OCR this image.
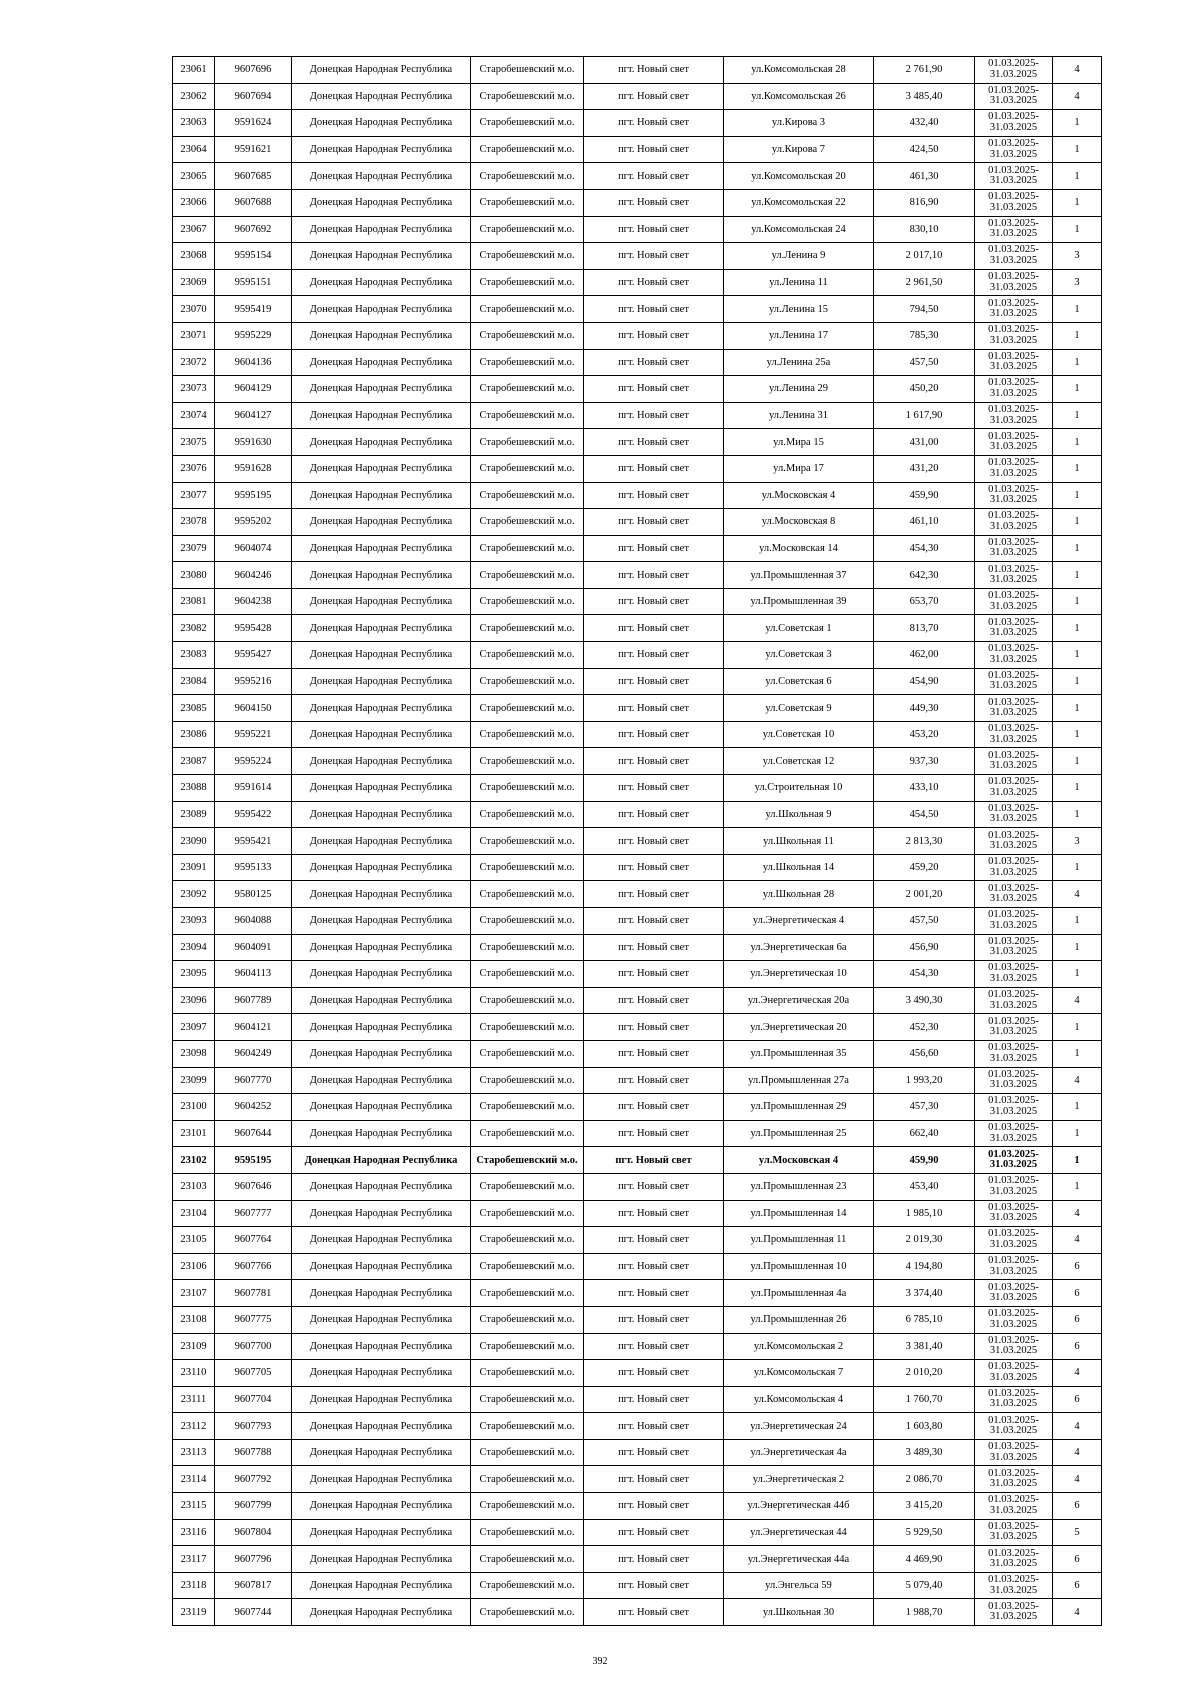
23061	9607696	Донецкая Народная Республика	Старобешевский м.о.	пгт. Новый свет	ул.Комсомольская 28	2 761,90	01.03.2025-
31.03.2025	4
23062	9607694	Донецкая Народная Республика	Старобешевский м.о.	пгт. Новый свет	ул.Комсомольская 26	3 485,40	01.03.2025-
31.03.2025	4
23063	9591624	Донецкая Народная Республика	Старобешевский м.о.	пгт. Новый свет	ул.Кирова 3	432,40	01.03.2025-
31.03.2025	1
23064	9591621	Донецкая Народная Республика	Старобешевский м.о.	пгт. Новый свет	ул.Кирова 7	424,50	01.03.2025-
31.03.2025	1
23065	9607685	Донецкая Народная Республика	Старобешевский м.о.	пгт. Новый свет	ул.Комсомольская 20	461,30	01.03.2025-
31.03.2025	1
23066	9607688	Донецкая Народная Республика	Старобешевский м.о.	пгт. Новый свет	ул.Комсомольская 22	816,90	01.03.2025-
31.03.2025	1
23067	9607692	Донецкая Народная Республика	Старобешевский м.о.	пгт. Новый свет	ул.Комсомольская 24	830,10	01.03.2025-
31.03.2025	1
23068	9595154	Донецкая Народная Республика	Старобешевский м.о.	пгт. Новый свет	ул.Ленина 9	2 017,10	01.03.2025-
31.03.2025	3
23069	9595151	Донецкая Народная Республика	Старобешевский м.о.	пгт. Новый свет	ул.Ленина 11	2 961,50	01.03.2025-
31.03.2025	3
23070	9595419	Донецкая Народная Республика	Старобешевский м.о.	пгт. Новый свет	ул.Ленина 15	794,50	01.03.2025-
31.03.2025	1
23071	9595229	Донецкая Народная Республика	Старобешевский м.о.	пгт. Новый свет	ул.Ленина 17	785,30	01.03.2025-
31.03.2025	1
23072	9604136	Донецкая Народная Республика	Старобешевский м.о.	пгт. Новый свет	ул.Ленина 25а	457,50	01.03.2025-
31.03.2025	1
23073	9604129	Донецкая Народная Республика	Старобешевский м.о.	пгт. Новый свет	ул.Ленина 29	450,20	01.03.2025-
31.03.2025	1
23074	9604127	Донецкая Народная Республика	Старобешевский м.о.	пгт. Новый свет	ул.Ленина 31	1 617,90	01.03.2025-
31.03.2025	1
23075	9591630	Донецкая Народная Республика	Старобешевский м.о.	пгт. Новый свет	ул.Мира 15	431,00	01.03.2025-
31.03.2025	1
23076	9591628	Донецкая Народная Республика	Старобешевский м.о.	пгт. Новый свет	ул.Мира 17	431,20	01.03.2025-
31.03.2025	1
23077	9595195	Донецкая Народная Республика	Старобешевский м.о.	пгт. Новый свет	ул.Московская 4	459,90	01.03.2025-
31.03.2025	1
23078	9595202	Донецкая Народная Республика	Старобешевский м.о.	пгт. Новый свет	ул.Московская 8	461,10	01.03.2025-
31.03.2025	1
23079	9604074	Донецкая Народная Республика	Старобешевский м.о.	пгт. Новый свет	ул.Московская 14	454,30	01.03.2025-
31.03.2025	1
23080	9604246	Донецкая Народная Республика	Старобешевский м.о.	пгт. Новый свет	ул.Промышленная 37	642,30	01.03.2025-
31.03.2025	1
23081	9604238	Донецкая Народная Республика	Старобешевский м.о.	пгт. Новый свет	ул.Промышленная 39	653,70	01.03.2025-
31.03.2025	1
23082	9595428	Донецкая Народная Республика	Старобешевский м.о.	пгт. Новый свет	ул.Советская 1	813,70	01.03.2025-
31.03.2025	1
23083	9595427	Донецкая Народная Республика	Старобешевский м.о.	пгт. Новый свет	ул.Советская 3	462,00	01.03.2025-
31.03.2025	1
23084	9595216	Донецкая Народная Республика	Старобешевский м.о.	пгт. Новый свет	ул.Советская 6	454,90	01.03.2025-
31.03.2025	1
23085	9604150	Донецкая Народная Республика	Старобешевский м.о.	пгт. Новый свет	ул.Советская 9	449,30	01.03.2025-
31.03.2025	1
23086	9595221	Донецкая Народная Республика	Старобешевский м.о.	пгт. Новый свет	ул.Советская 10	453,20	01.03.2025-
31.03.2025	1
23087	9595224	Донецкая Народная Республика	Старобешевский м.о.	пгт. Новый свет	ул.Советская 12	937,30	01.03.2025-
31.03.2025	1
23088	9591614	Донецкая Народная Республика	Старобешевский м.о.	пгт. Новый свет	ул.Строительная 10	433,10	01.03.2025-
31.03.2025	1
23089	9595422	Донецкая Народная Республика	Старобешевский м.о.	пгт. Новый свет	ул.Школьная 9	454,50	01.03.2025-
31.03.2025	1
23090	9595421	Донецкая Народная Республика	Старобешевский м.о.	пгт. Новый свет	ул.Школьная 11	2 813,30	01.03.2025-
31.03.2025	3
23091	9595133	Донецкая Народная Республика	Старобешевский м.о.	пгт. Новый свет	ул.Школьная 14	459,20	01.03.2025-
31.03.2025	1
23092	9580125	Донецкая Народная Республика	Старобешевский м.о.	пгт. Новый свет	ул.Школьная 28	2 001,20	01.03.2025-
31.03.2025	4
23093	9604088	Донецкая Народная Республика	Старобешевский м.о.	пгт. Новый свет	ул.Энергетическая 4	457,50	01.03.2025-
31.03.2025	1
23094	9604091	Донецкая Народная Республика	Старобешевский м.о.	пгт. Новый свет	ул.Энергетическая 6а	456,90	01.03.2025-
31.03.2025	1
23095	9604113	Донецкая Народная Республика	Старобешевский м.о.	пгт. Новый свет	ул.Энергетическая 10	454,30	01.03.2025-
31.03.2025	1
23096	9607789	Донецкая Народная Республика	Старобешевский м.о.	пгт. Новый свет	ул.Энергетическая 20а	3 490,30	01.03.2025-
31.03.2025	4
23097	9604121	Донецкая Народная Республика	Старобешевский м.о.	пгт. Новый свет	ул.Энергетическая 20	452,30	01.03.2025-
31.03.2025	1
23098	9604249	Донецкая Народная Республика	Старобешевский м.о.	пгт. Новый свет	ул.Промышленная 35	456,60	01.03.2025-
31.03.2025	1
23099	9607770	Донецкая Народная Республика	Старобешевский м.о.	пгт. Новый свет	ул.Промышленная 27а	1 993,20	01.03.2025-
31.03.2025	4
23100	9604252	Донецкая Народная Республика	Старобешевский м.о.	пгт. Новый свет	ул.Промышленная 29	457,30	01.03.2025-
31.03.2025	1
23101	9607644	Донецкая Народная Республика	Старобешевский м.о.	пгт. Новый свет	ул.Промышленная 25	662,40	01.03.2025-
31.03.2025	1
23102	9595195	Донецкая Народная Республика	Старобешевский м.о.	пгт. Новый свет	ул.Московская 4	459,90	01.03.2025-
31.03.2025	1
23103	9607646	Донецкая Народная Республика	Старобешевский м.о.	пгт. Новый свет	ул.Промышленная 23	453,40	01.03.2025-
31.03.2025	1
23104	9607777	Донецкая Народная Республика	Старобешевский м.о.	пгт. Новый свет	ул.Промышленная 14	1 985,10	01.03.2025-
31.03.2025	4
23105	9607764	Донецкая Народная Республика	Старобешевский м.о.	пгт. Новый свет	ул.Промышленная 11	2 019,30	01.03.2025-
31.03.2025	4
23106	9607766	Донецкая Народная Республика	Старобешевский м.о.	пгт. Новый свет	ул.Промышленная 10	4 194,80	01.03.2025-
31.03.2025	6
23107	9607781	Донецкая Народная Республика	Старобешевский м.о.	пгт. Новый свет	ул.Промышленная 4а	3 374,40	01.03.2025-
31.03.2025	6
23108	9607775	Донецкая Народная Республика	Старобешевский м.о.	пгт. Новый свет	ул.Промышленная 26	6 785,10	01.03.2025-
31.03.2025	6
23109	9607700	Донецкая Народная Республика	Старобешевский м.о.	пгт. Новый свет	ул.Комсомольская 2	3 381,40	01.03.2025-
31.03.2025	6
23110	9607705	Донецкая Народная Республика	Старобешевский м.о.	пгт. Новый свет	ул.Комсомольская 7	2 010,20	01.03.2025-
31.03.2025	4
23111	9607704	Донецкая Народная Республика	Старобешевский м.о.	пгт. Новый свет	ул.Комсомольская 4	1 760,70	01.03.2025-
31.03.2025	6
23112	9607793	Донецкая Народная Республика	Старобешевский м.о.	пгт. Новый свет	ул.Энергетическая 24	1 603,80	01.03.2025-
31.03.2025	4
23113	9607788	Донецкая Народная Республика	Старобешевский м.о.	пгт. Новый свет	ул.Энергетическая 4а	3 489,30	01.03.2025-
31.03.2025	4
23114	9607792	Донецкая Народная Республика	Старобешевский м.о.	пгт. Новый свет	ул.Энергетическая 2	2 086,70	01.03.2025-
31.03.2025	4
23115	9607799	Донецкая Народная Республика	Старобешевский м.о.	пгт. Новый свет	ул.Энергетическая 44б	3 415,20	01.03.2025-
31.03.2025	6
23116	9607804	Донецкая Народная Республика	Старобешевский м.о.	пгт. Новый свет	ул.Энергетическая 44	5 929,50	01.03.2025-
31.03.2025	5
23117	9607796	Донецкая Народная Республика	Старобешевский м.о.	пгт. Новый свет	ул.Энергетическая 44а	4 469,90	01.03.2025-
31.03.2025	6
23118	9607817	Донецкая Народная Республика	Старобешевский м.о.	пгт. Новый свет	ул.Энгельса 59	5 079,40	01.03.2025-
31.03.2025	6
23119	9607744	Донецкая Народная Республика	Старобешевский м.о.	пгт. Новый свет	ул.Школьная 30	1 988,70	01.03.2025-
31.03.2025	4
392
